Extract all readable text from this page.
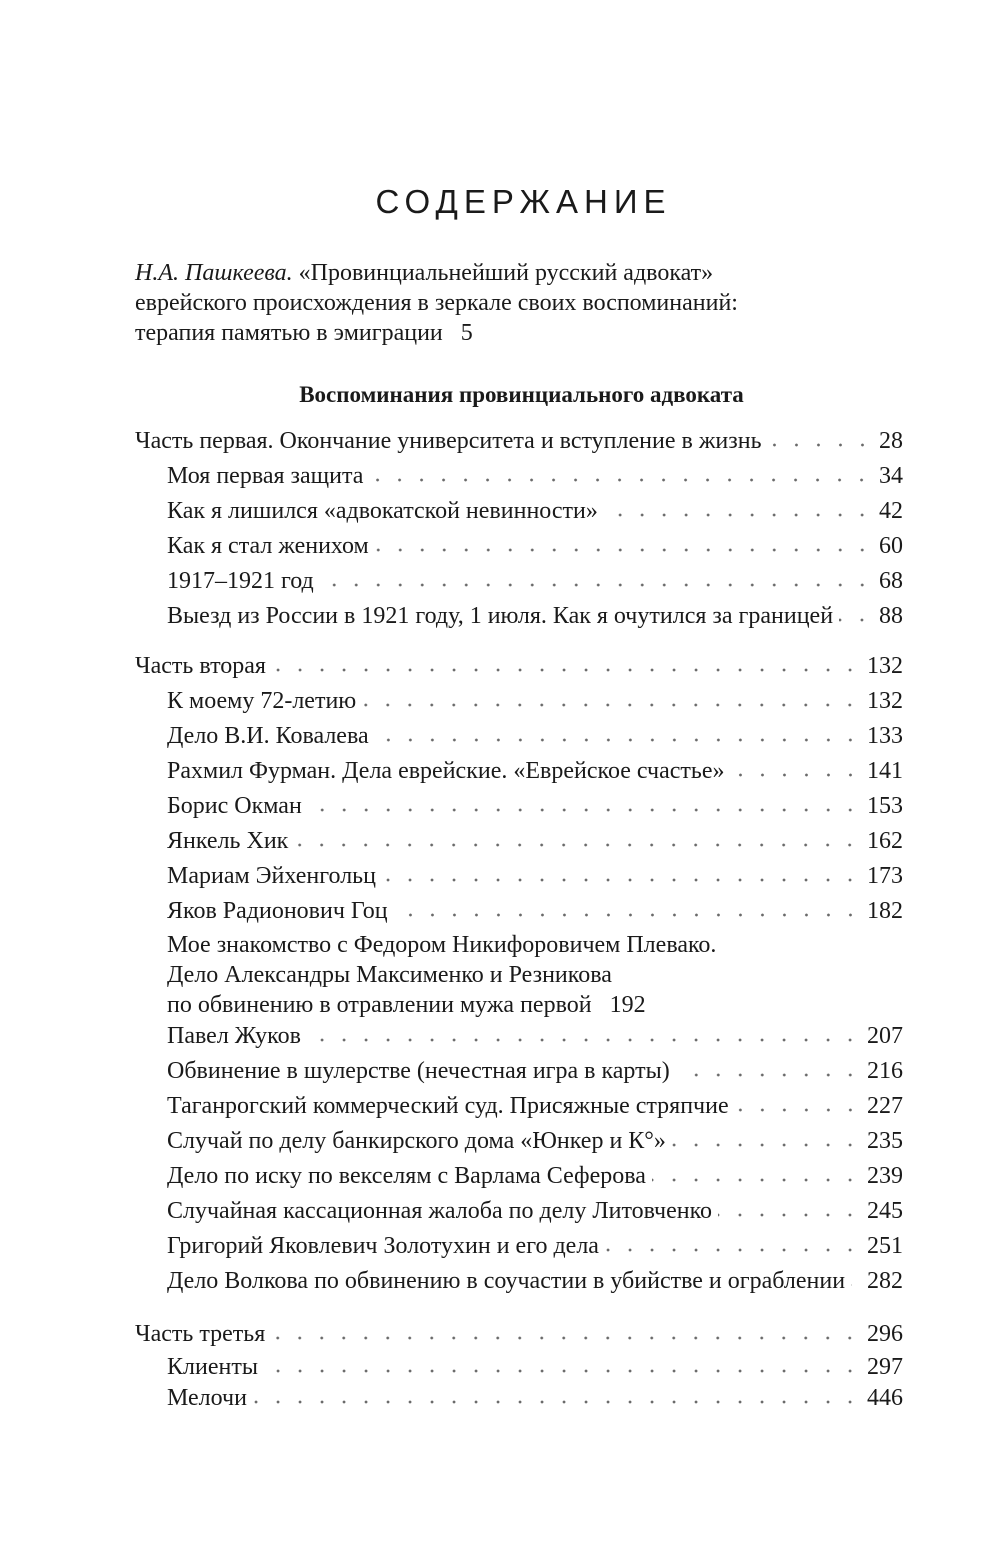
СОДЕРЖАНИЕ
Н.А. Пашкеева. «Провинциальнейший русский адвокат»
еврейского происхождения в зеркале своих воспоминаний:
терапия памятью в эмиграции 5
Воспоминания провинциального адвоката
Часть первая. Окончание университета и вступление в жизнь	28
Моя первая защита	34
Как я лишился «адвокатской невинности»	42
Как я стал женихом	60
1917–1921 год	68
Выезд из России в 1921 году, 1 июля. Как я очутился за границей 88
Часть вторая	132
К моему 72-летию	132
Дело В.И. Ковалева	133
Рахмил Фурман. Дела еврейские. «Еврейское счастье»	141
Борис Окман	153
Янкель Хик	162
Мариам Эйхенгольц	173
Яков Радионович Гоц	182
Мое знакомство с Федором Никифоровичем Плевако.
Дело Александры Максименко и Резникова
по обвинению в отравлении мужа первой 192
Павел Жуков	207
Обвинение в шулерстве (нечестная игра в карты)	216
Таганрогский коммерческий суд. Присяжные стряпчие	227
Случай по делу банкирского дома «Юнкер и К°»	235
Дело по иску по векселям с Варлама Сеферова	239
Случайная кассационная жалоба по делу Литовченко	245
Григорий Яковлевич Золотухин и его дела	251
Дело Волкова по обвинению в соучастии в убийстве и ограблении 282
Часть третья	296
Клиенты	297
Мелочи	446
